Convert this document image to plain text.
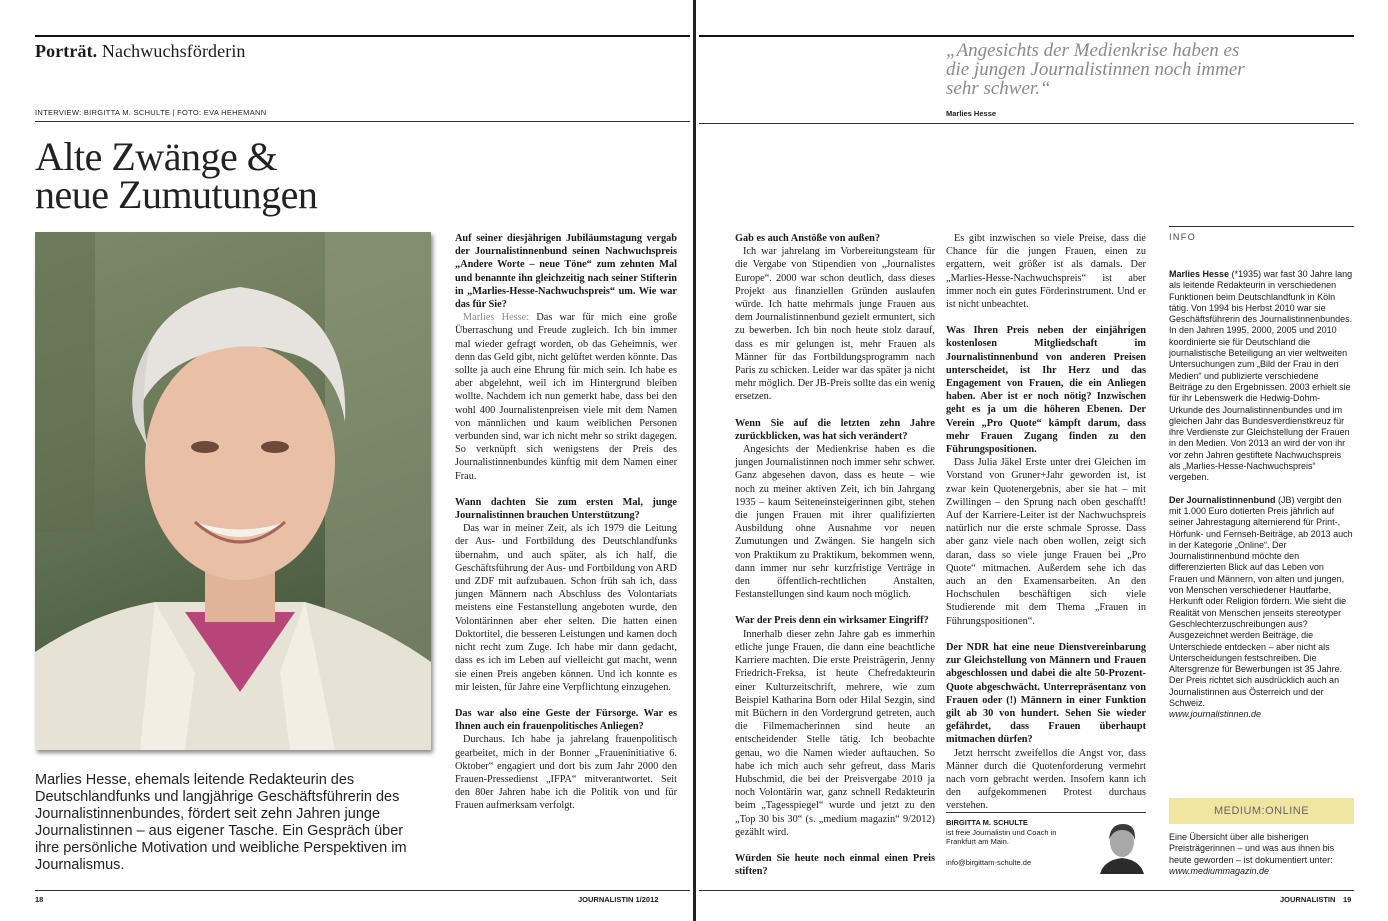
Porträt. Nachwuchsförderin
INTERVIEW: BIRGITTA M. SCHULTE | FOTO: EVA HEHEMANN
Alte Zwänge &
neue Zumutungen
Marlies Hesse, ehemals leitende Redakteurin des Deutschlandfunks und langjährige Geschäftsführerin des Journalistinnenbundes, fördert seit zehn Jahren junge Journalistinnen – aus eigener Tasche. Ein Gespräch über ihre persönliche Motivation und weibliche Perspektiven im Journalismus.

Auf seiner diesjährigen Jubiläumstagung vergab der Journalistinnenbund seinen Nachwuchspreis „Andere Worte – neue Töne“ zum zehnten Mal und benannte ihn gleichzeitig nach seiner Stifterin in „Marlies-Hesse-Nachwuchspreis“ um. Wie war das für Sie?

Marlies Hesse: Das war für mich eine große Überraschung und Freude zugleich. Ich bin immer mal wieder gefragt worden, ob das Geheimnis, wer denn das Geld gibt, nicht gelüftet werden könnte. Das sollte ja auch eine Ehrung für mich sein. Ich habe es aber abgelehnt, weil ich im Hintergrund bleiben wollte. Nachdem ich nun gemerkt habe, dass bei den wohl 400 Journalistenpreisen viele mit dem Namen von männlichen und kaum weiblichen Personen verbunden sind, war ich nicht mehr so strikt dagegen. So verknüpft sich wenigstens der Preis des Journalistinnenbundes künftig mit dem Namen einer Frau.

Wann dachten Sie zum ersten Mal, junge Journalistinnen brauchen Unterstützung?

Das war in meiner Zeit, als ich 1979 die Leitung der Aus- und Fortbildung des Deutschlandfunks übernahm, und auch später, als ich half, die Geschäftsführung der Aus- und Fortbildung von ARD und ZDF mit aufzubauen. Schon früh sah ich, dass jungen Männern nach Abschluss des Volontariats meistens eine Festanstellung angeboten wurde, den Volontärinnen aber eher selten. Die hatten einen Doktortitel, die besseren Leistungen und kamen doch nicht recht zum Zuge. Ich habe mir dann gedacht, dass es ich im Leben auf vielleicht gut macht, wenn sie einen Preis angeben können. Und ich konnte es mir leisten, für Jahre eine Verpflichtung einzugehen.

Das war also eine Geste der Fürsorge. War es Ihnen auch ein frauenpolitisches Anliegen?

Durchaus. Ich habe ja jahrelang frauenpolitisch gearbeitet, mich in der Bonner „Fraueninitiative 6. Oktober“ engagiert und dort bis zum Jahr 2000 den Frauen-Pressedienst „IFPA“ mitverantwortet. Seit den 80er Jahren habe ich die Politik von und für Frauen aufmerksam verfolgt.

18	JOURNALISTIN 1/2012
„Angesichts der Medienkrise haben es die jungen Journalistinnen noch immer sehr schwer.“
Marlies Hesse

Gab es auch Anstöße von außen?

Ich war jahrelang im Vorbereitungsteam für die Vergabe von Stipendien von „Journalistes Europe“. 2000 war schon deutlich, dass dieses Projekt aus finanziellen Gründen auslaufen würde. Ich hatte mehrmals junge Frauen aus dem Journalistinnenbund gezielt ermuntert, sich zu bewerben. Ich bin noch heute stolz darauf, dass es mir gelungen ist, mehr Frauen als Männer für das Fortbildungsprogramm nach Paris zu schicken. Leider war das später ja nicht mehr möglich. Der JB-Preis sollte das ein wenig ersetzen.

Wenn Sie auf die letzten zehn Jahre zurückblicken, was hat sich verändert?

Angesichts der Medienkrise haben es die jungen Journalistinnen noch immer sehr schwer. Ganz abgesehen davon, dass es heute – wie noch zu meiner aktiven Zeit, ich bin Jahrgang 1935 – kaum Seiteneinsteigerinnen gibt, stehen die jungen Frauen mit ihrer qualifizierten Ausbildung ohne Ausnahme vor neuen Zumutungen und Zwängen. Sie hangeln sich von Praktikum zu Praktikum, bekommen wenn, dann immer nur sehr kurzfristige Verträge in den öffentlich-rechtlichen Anstalten, Festanstellungen sind kaum noch möglich.

War der Preis denn ein wirksamer Eingriff?

Innerhalb dieser zehn Jahre gab es immerhin etliche junge Frauen, die dann eine beachtliche Karriere machten. Die erste Preisträgerin, Jenny Friedrich-Freksa, ist heute Chefredakteurin einer Kulturzeitschrift, mehrere, wie zum Beispiel Katharina Born oder Hilal Sezgin, sind mit Büchern in den Vordergrund getreten, auch die Filmemacherinnen sind heute an entscheidender Stelle tätig. Ich beobachte genau, wo die Namen wieder auftauchen. So habe ich mich auch sehr gefreut, dass Maris Hubschmid, die bei der Preisvergabe 2010 ja noch Volontärin war, ganz schnell Redakteurin beim „Tagesspiegel“ wurde und jetzt zu den „Top 30 bis 30“ (s. „medium magazin“ 9/2012) gezählt wird.

Würden Sie heute noch einmal einen Preis stiften?

Es gibt inzwischen so viele Preise, dass die Chance für die jungen Frauen, einen zu ergattern, weit größer ist als damals. Der „Marlies-Hesse-Nachwuchspreis“ ist aber immer noch ein gutes Förderinstrument. Und er ist nicht unbeachtet.

Was Ihren Preis neben der einjährigen kostenlosen Mitgliedschaft im Journalistinnenbund von anderen Preisen unterscheidet, ist Ihr Herz und das Engagement von Frauen, die ein Anliegen haben. Aber ist er noch nötig? Inzwischen geht es ja um die höheren Ebenen. Der Verein „Pro Quote“ kämpft darum, dass mehr Frauen Zugang finden zu den Führungspositionen.

Dass Julia Jäkel Erste unter drei Gleichen im Vorstand von Gruner+Jahr geworden ist, ist zwar kein Quotenergebnis, aber sie hat – mit Zwillingen – den Sprung nach oben geschafft! Auf der Karriere-Leiter ist der Nachwuchspreis natürlich nur die erste schmale Sprosse. Dass aber ganz viele nach oben wollen, zeigt sich daran, dass so viele junge Frauen bei „Pro Quote“ mitmachen. Außerdem sehe ich das auch an den Examensarbeiten. An den Hochschulen beschäftigen sich viele Studierende mit dem Thema „Frauen in Führungspositionen“.

Der NDR hat eine neue Dienstvereinbarung zur Gleichstellung von Männern und Frauen abgeschlossen und dabei die alte 50-Prozent-Quote abgeschwächt. Unterrepräsentanz von Frauen oder (!) Männern in einer Funktion gilt ab 30 von hundert. Sehen Sie wieder gefährdet, dass Frauen überhaupt mitmachen dürfen?

Jetzt herrscht zweifellos die Angst vor, dass Männer durch die Quotenforderung vermehrt nach vorn gebracht werden. Insofern kann ich den aufgekommenen Protest durchaus verstehen.

BIRGITTA M. SCHULTE
ist freie Journalistin und Coach in Frankfurt am Main.
info@birgittam-schulte.de
INFO

Marlies Hesse (*1935) war fast 30 Jahre lang als leitende Redakteurin in verschiedenen Funktionen beim Deutschlandfunk in Köln tätig. Von 1994 bis Herbst 2010 war sie Geschäftsführerin des Journalistinnenbundes. In den Jahren 1995, 2000, 2005 und 2010 koordinierte sie für Deutschland die journalistische Beteiligung an vier weltweiten Untersuchungen zum „Bild der Frau in den Medien“ und publizierte verschiedene Beiträge zu den Ergebnissen. 2003 erhielt sie für ihr Lebenswerk die Hedwig-Dohm-Urkunde des Journalistinnenbundes und im gleichen Jahr das Bundesverdienstkreuz für ihre Verdienste zur Gleichstellung der Frauen in den Medien. Von 2013 an wird der von ihr vor zehn Jahren gestiftete Nachwuchspreis als „Marlies-Hesse-Nachwuchspreis“ vergeben.

Der Journalistinnenbund (JB) vergibt den mit 1.000 Euro dotierten Preis jährlich auf seiner Jahrestagung alternierend für Print-, Hörfunk- und Fernseh-Beiträge, ab 2013 auch in der Kategorie „Online“. Der Journalistinnenbund möchte den differenzierten Blick auf das Leben von Frauen und Männern, von alten und jungen, von Menschen verschiedener Hautfarbe, Herkunft oder Religion fördern. Wie sieht die Realität von Menschen jenseits stereotyper Geschlechterzuschreibungen aus? Ausgezeichnet werden Beiträge, die Unterschiede entdecken – aber nicht als Unterscheidungen festschreiben. Die Altersgrenze für Bewerbungen ist 35 Jahre. Der Preis richtet sich ausdrücklich auch an Journalistinnen aus Österreich und der Schweiz.

www.journalistinnen.de

MEDIUM:ONLINE

Eine Übersicht über alle bisherigen Preisträgerinnen – und was aus ihnen bis heute geworden – ist dokumentiert unter:

www.mediummagazin.de

JOURNALISTIN 19
